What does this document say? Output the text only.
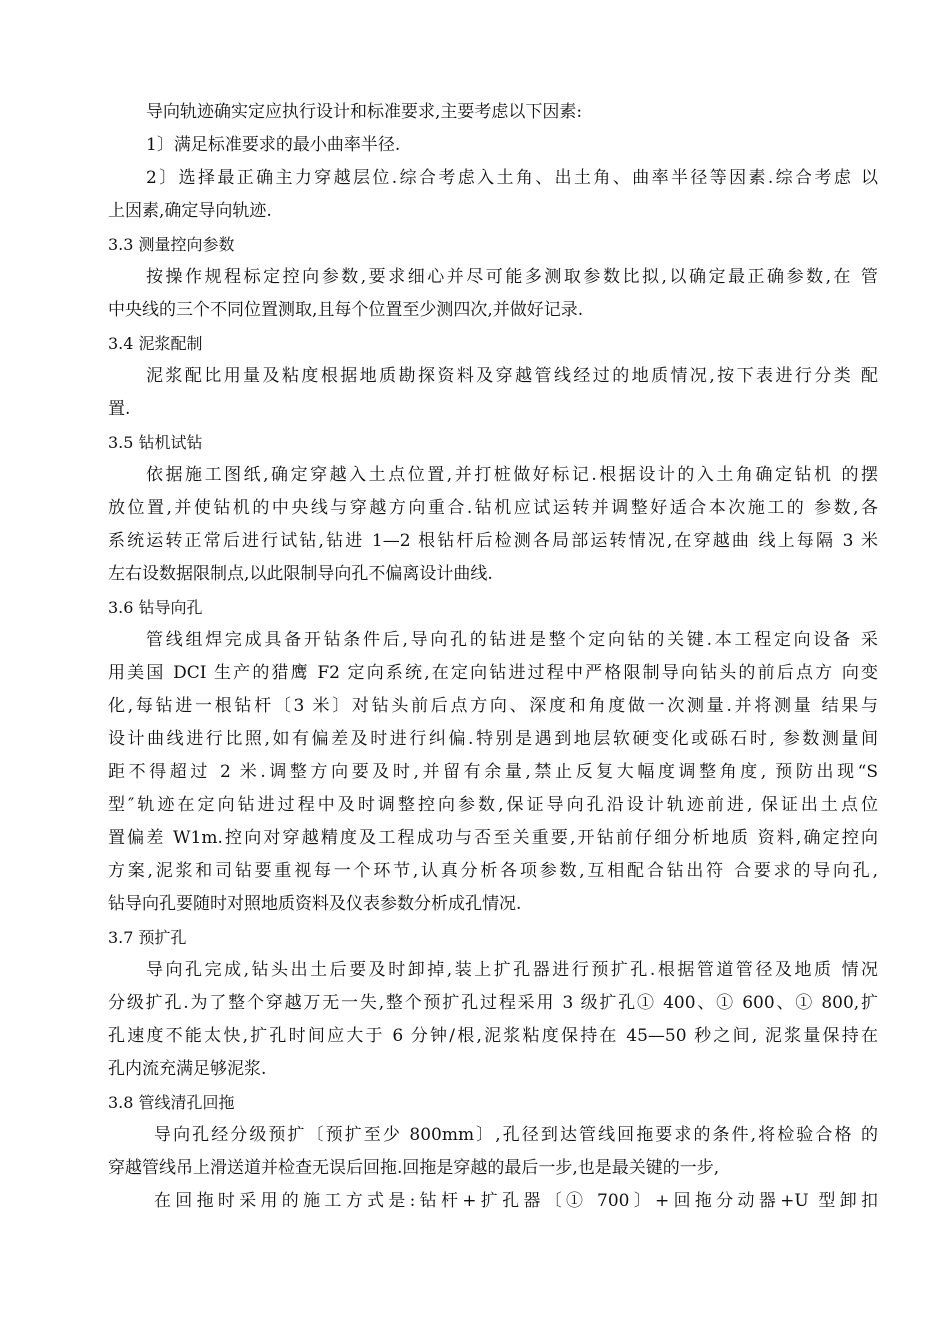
导向轨迹确实定应执行设计和标准要求,主要考虑以下因素:
1〕满足标准要求的最小曲率半径.
2〕选择最正确主力穿越层位.综合考虑入土角、出土角、曲率半径等因素.综合考虑 以
上因素,确定导向轨迹.
3.3 测量控向参数
按操作规程标定控向参数,要求细心并尽可能多测取参数比拟,以确定最正确参数,在 管
中央线的三个不同位置测取,且每个位置至少测四次,并做好记录.
3.4 泥浆配制
泥浆配比用量及粘度根据地质勘探资料及穿越管线经过的地质情况,按下表进行分类 配
置.
3.5 钻机试钻
依据施工图纸,确定穿越入土点位置,并打桩做好标记.根据设计的入土角确定钻机 的摆
放位置,并使钻机的中央线与穿越方向重合.钻机应试运转并调整好适合本次施工的 参数,各
系统运转正常后进行试钻,钻进 1—2 根钻杆后检测各局部运转情况,在穿越曲 线上每隔 3 米
左右设数据限制点,以此限制导向孔不偏离设计曲线.
3.6 钻导向孔
管线组焊完成具备开钻条件后,导向孔的钻进是整个定向钻的关键.本工程定向设备 采
用美国 DCI 生产的猎鹰 F2 定向系统,在定向钻进过程中严格限制导向钻头的前后点方 向变
化,每钻进一根钻杆〔3 米〕对钻头前后点方向、深度和角度做一次测量.并将测量 结果与
设计曲线进行比照,如有偏差及时进行纠偏.特别是遇到地层软硬变化或砾石时, 参数测量间
距不得超过 2 米.调整方向要及时,并留有余量,禁止反复大幅度调整角度, 预防出现“S
型″轨迹在定向钻进过程中及时调整控向参数,保证导向孔沿设计轨迹前进, 保证出土点位
置偏差 W1m.控向对穿越精度及工程成功与否至关重要,开钻前仔细分析地质 资料,确定控向
方案,泥浆和司钻要重视每一个环节,认真分析各项参数,互相配合钻出符 合要求的导向孔,
钻导向孔要随时对照地质资料及仪表参数分析成孔情况.
3.7 预扩孔
导向孔完成,钻头出土后要及时卸掉,装上扩孔器进行预扩孔.根据管道管径及地质 情况
分级扩孔.为了整个穿越万无一失,整个预扩孔过程采用 3 级扩孔① 400、① 600、① 800,扩
孔速度不能太快,扩孔时间应大于 6 分钟/根,泥浆粘度保持在 45—50 秒之间, 泥浆量保持在
孔内流充满足够泥浆.
3.8 管线清孔回拖
导向孔经分级预扩〔预扩至少 800mm〕,孔径到达管线回拖要求的条件,将检验合格 的
穿越管线吊上滑送道并检查无误后回拖.回拖是穿越的最后一步,也是最关键的一步,
在回拖时采用的施工方式是:钻杆+扩孔器〔① 700〕+回拖分动器+U 型卸扣
